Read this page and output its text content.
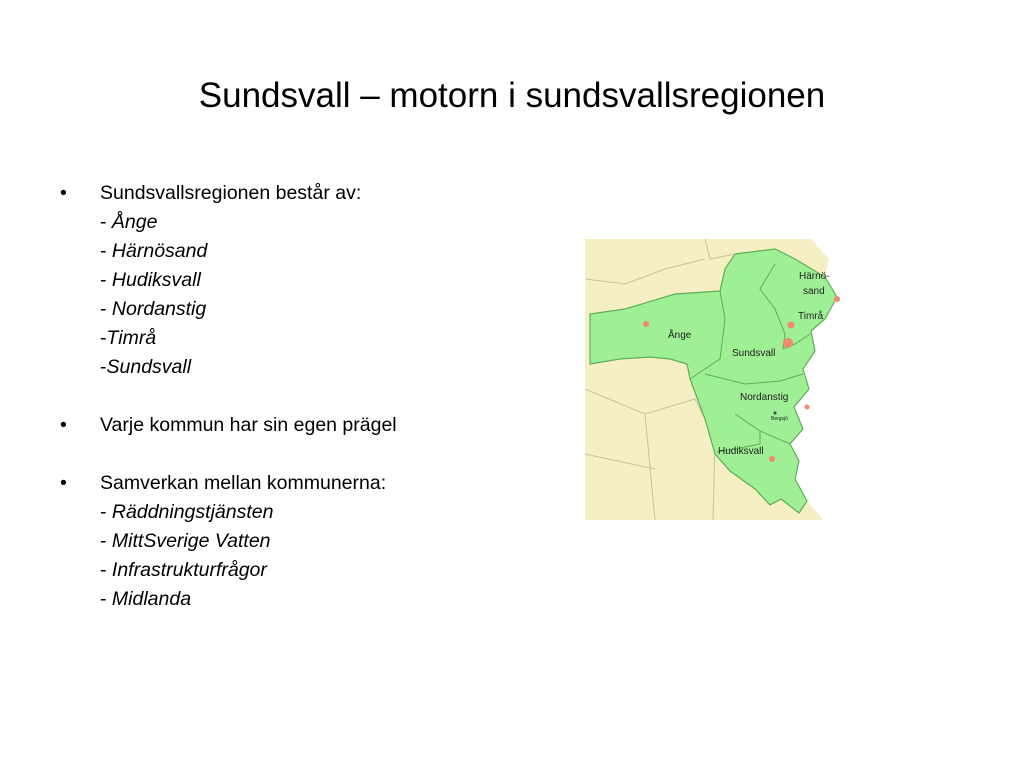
Sundsvall – motorn i sundsvallsregionen
• Sundsvallsregionen består av:
- Ånge
- Härnösand
- Hudiksvall
- Nordanstig
-Timrå
-Sundsvall
• Varje kommun har sin egen prägel
• Samverkan mellan kommunerna:
- Räddningstjänsten
- MittSverige Vatten
- Infrastrukturfrågor
- Midlanda
Ånge
Härnö-
sand
Timrå
Sundsvall
Nordanstig
Bergsjö
Hudiksvall
